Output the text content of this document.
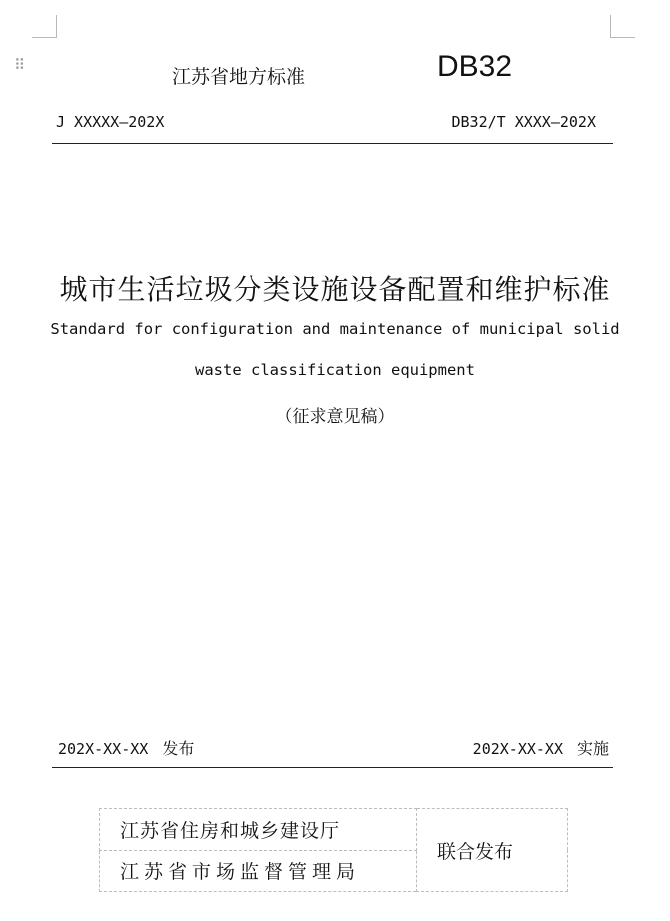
⠿
江苏省地方标准	DB32
J XXXXX—202X	DB32/T XXXX—202X
城市生活垃圾分类设施设备配置和维护标准
Standard for configuration and maintenance of municipal solid
waste classification equipment
（征求意见稿）
202X-XX-XX 发布	202X-XX-XX 实施
江苏省住房和城乡建设厅	联合发布
江苏省市场监督管理局
